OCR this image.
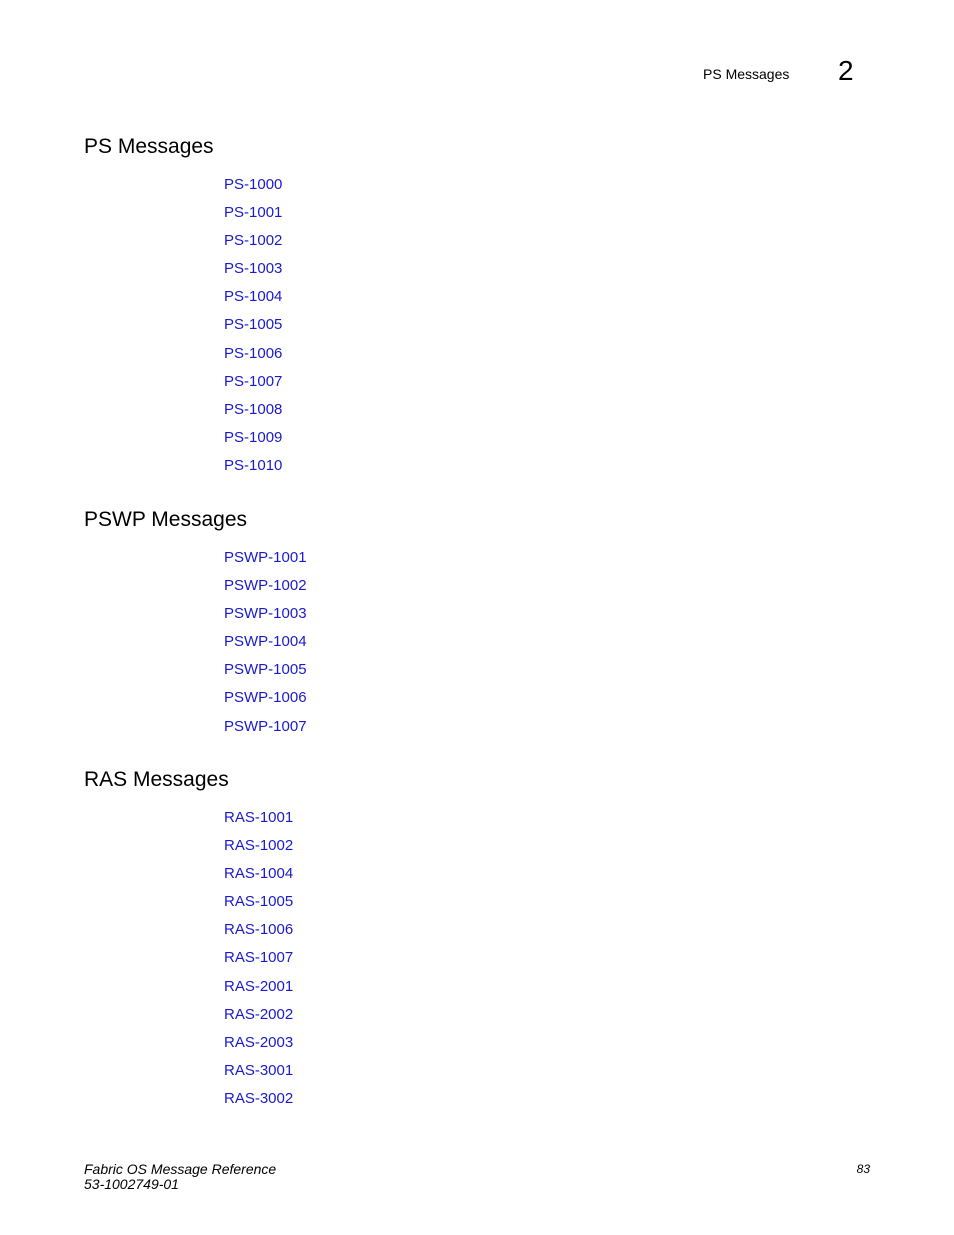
PS Messages 2
PS Messages
PS-1000
PS-1001
PS-1002
PS-1003
PS-1004
PS-1005
PS-1006
PS-1007
PS-1008
PS-1009
PS-1010
PSWP Messages
PSWP-1001
PSWP-1002
PSWP-1003
PSWP-1004
PSWP-1005
PSWP-1006
PSWP-1007
RAS Messages
RAS-1001
RAS-1002
RAS-1004
RAS-1005
RAS-1006
RAS-1007
RAS-2001
RAS-2002
RAS-2003
RAS-3001
RAS-3002
Fabric OS Message Reference
53-1002749-01
83
